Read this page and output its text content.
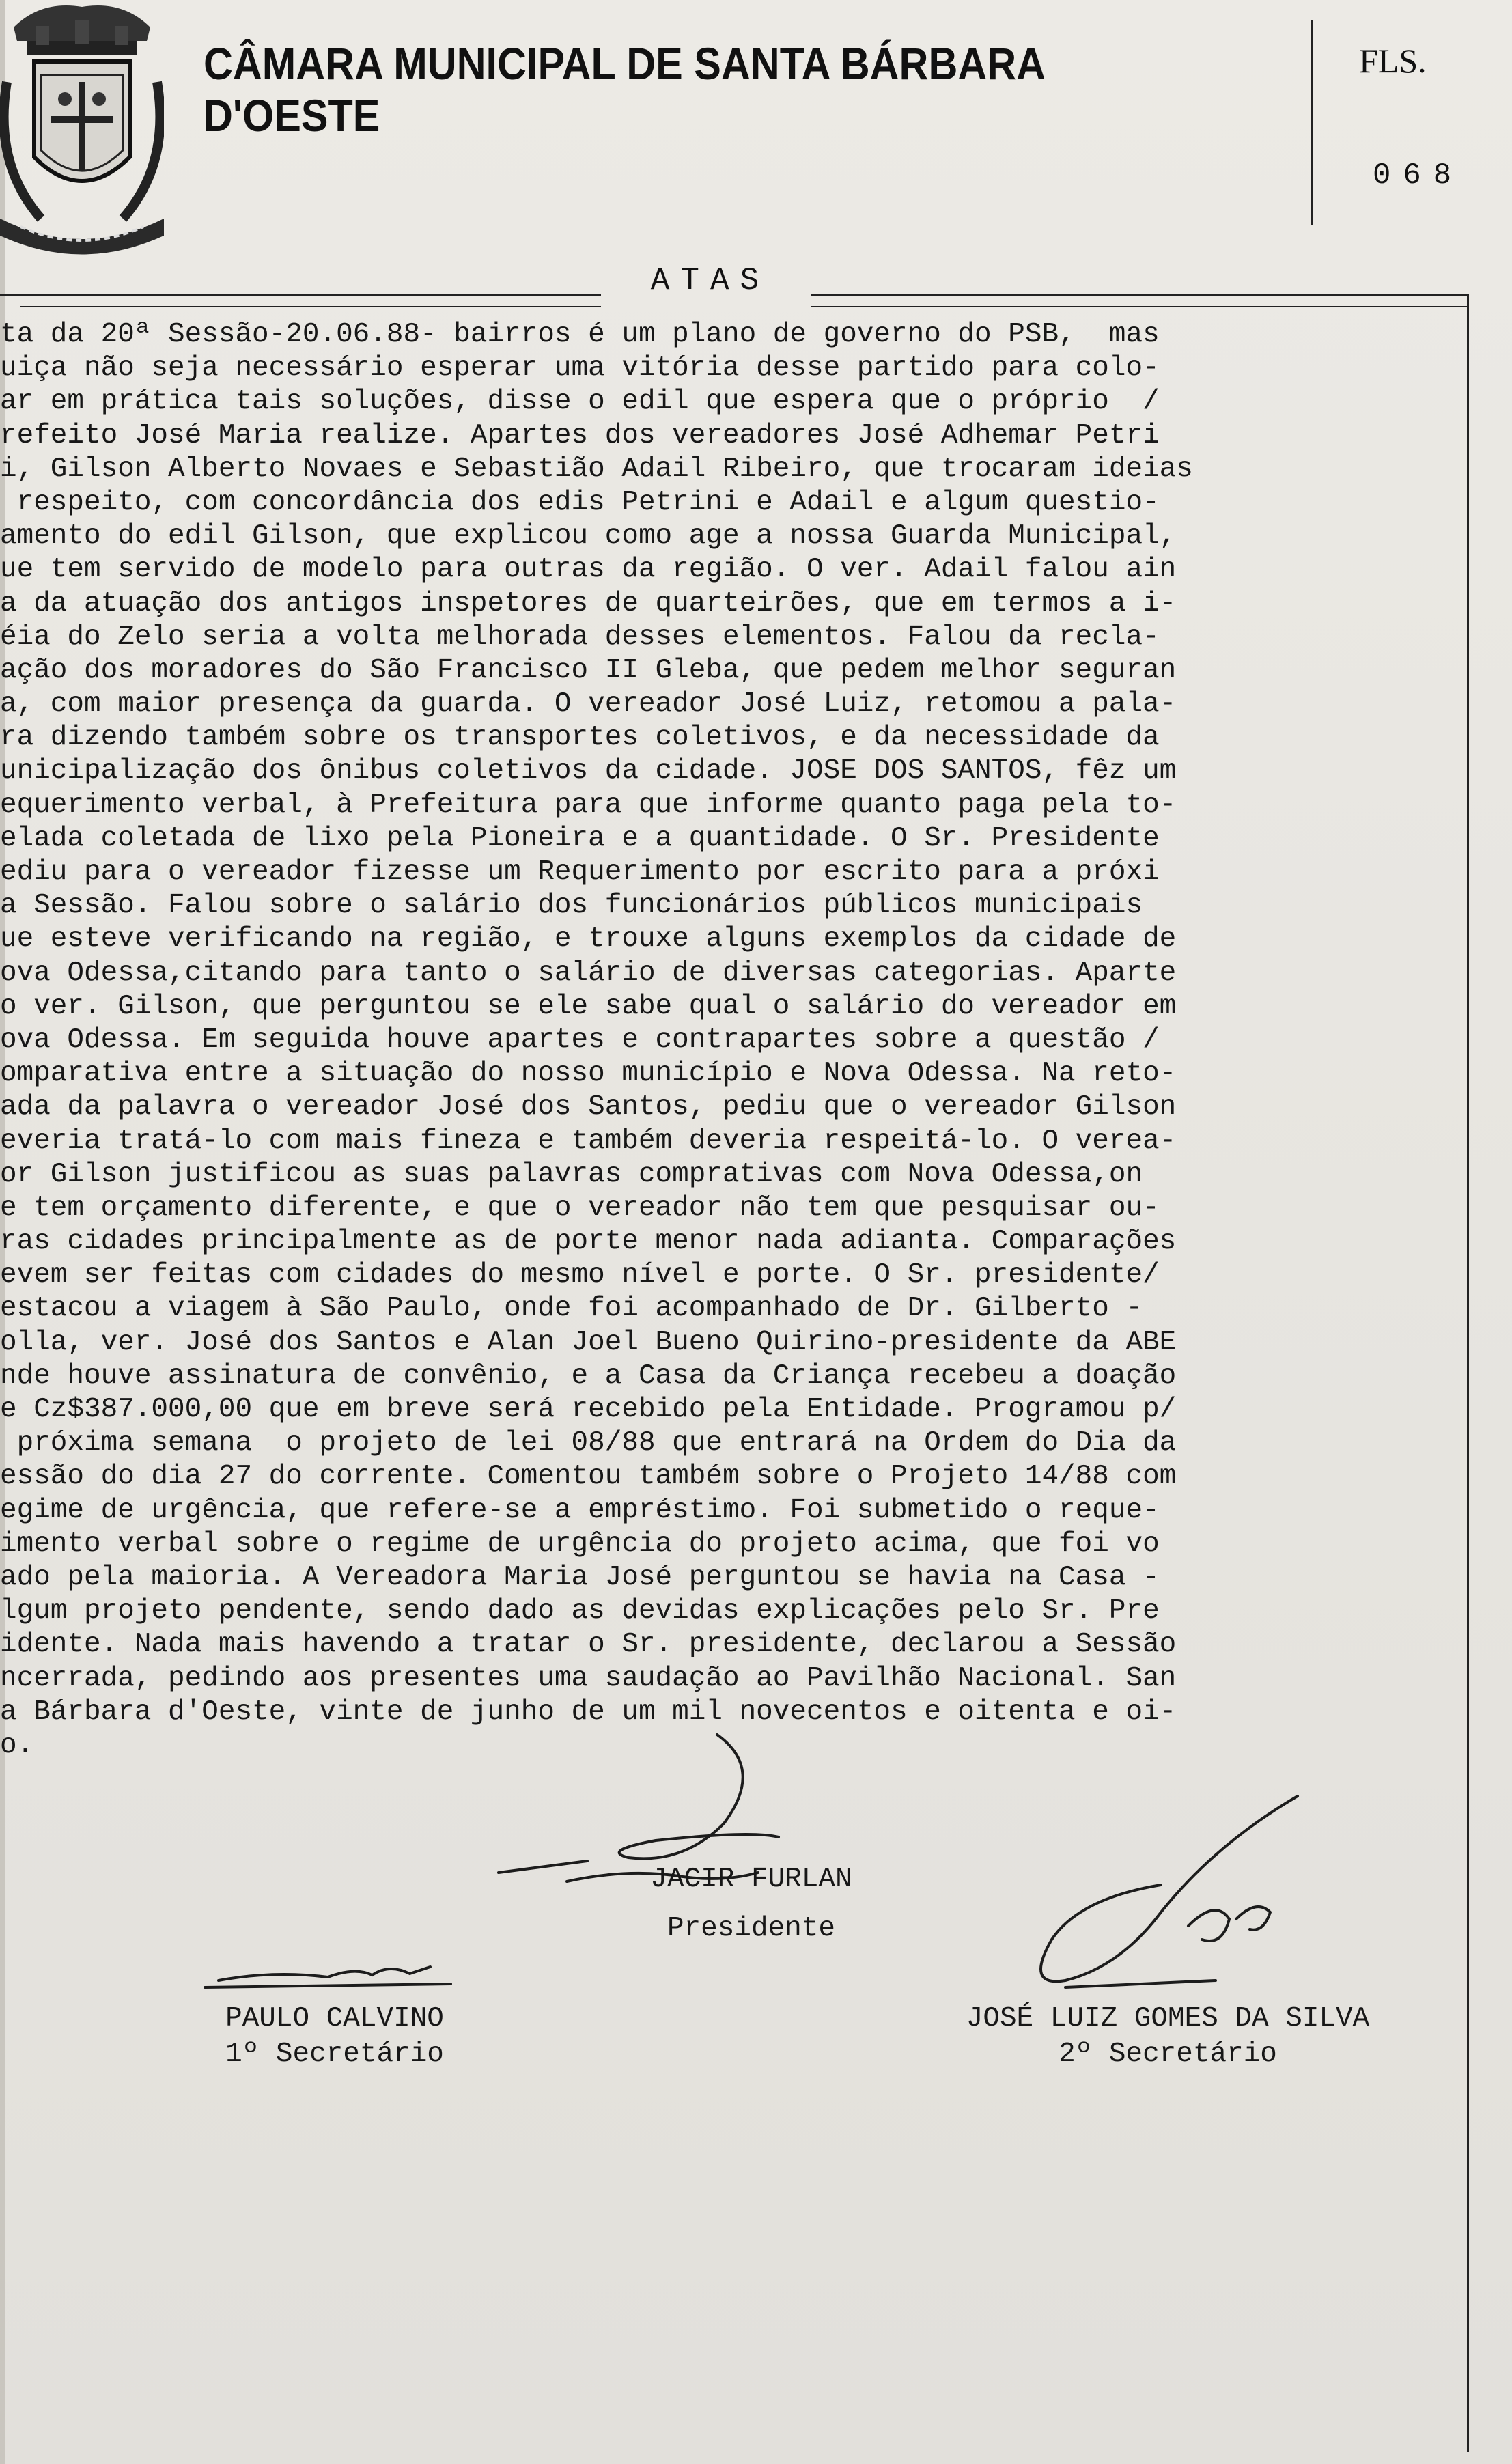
CÂMARA MUNICIPAL DE SANTA BÁRBARA D'OESTE
FLS.
068
ATAS
ta da 20ª Sessão-20.06.88- bairros é um plano de governo do PSB,  mas
uiça não seja necessário esperar uma vitória desse partido para colo-
ar em prática tais soluções, disse o edil que espera que o próprio  /
refeito José Maria realize. Apartes dos vereadores José Adhemar Petri
i, Gilson Alberto Novaes e Sebastião Adail Ribeiro, que trocaram ideias
respeito, com concordância dos edis Petrini e Adail e algum questio-
amento do edil Gilson, que explicou como age a nossa Guarda Municipal,
ue tem servido de modelo para outras da região. O ver. Adail falou ain
a da atuação dos antigos inspetores de quarteirões, que em termos a i-
éia do Zelo seria a volta melhorada desses elementos. Falou da recla-
ação dos moradores do São Francisco II Gleba, que pedem melhor seguran
a, com maior presença da guarda. O vereador José Luiz, retomou a pala-
ra dizendo também sobre os transportes coletivos, e da necessidade da
unicipalização dos ônibus coletivos da cidade. JOSE DOS SANTOS, fêz um
equerimento verbal, à Prefeitura para que informe quanto paga pela to-
elada coletada de lixo pela Pioneira e a quantidade. O Sr. Presidente
ediu para o vereador fizesse um Requerimento por escrito para a próxi
a Sessão. Falou sobre o salário dos funcionários públicos municipais
ue esteve verificando na região, e trouxe alguns exemplos da cidade de
ova Odessa,citando para tanto o salário de diversas categorias. Aparte
o ver. Gilson, que perguntou se ele sabe qual o salário do vereador em
ova Odessa. Em seguida houve apartes e contrapartes sobre a questão /
omparativa entre a situação do nosso município e Nova Odessa. Na reto-
ada da palavra o vereador José dos Santos, pediu que o vereador Gilson
everia tratá-lo com mais fineza e também deveria respeitá-lo. O verea-
or Gilson justificou as suas palavras comprativas com Nova Odessa,on
e tem orçamento diferente, e que o vereador não tem que pesquisar ou-
ras cidades principalmente as de porte menor nada adianta. Comparações
evem ser feitas com cidades do mesmo nível e porte. O Sr. presidente/
estacou a viagem à São Paulo, onde foi acompanhado de Dr. Gilberto -
olla, ver. José dos Santos e Alan Joel Bueno Quirino-presidente da ABE
nde houve assinatura de convênio, e a Casa da Criança recebeu a doação
e Cz$387.000,00 que em breve será recebido pela Entidade. Programou p/
próxima semana  o projeto de lei 08/88 que entrará na Ordem do Dia da
essão do dia 27 do corrente. Comentou também sobre o Projeto 14/88 com
egime de urgência, que refere-se a empréstimo. Foi submetido o reque-
imento verbal sobre o regime de urgência do projeto acima, que foi vo
ado pela maioria. A Vereadora Maria José perguntou se havia na Casa -
lgum projeto pendente, sendo dado as devidas explicações pelo Sr. Pre
idente. Nada mais havendo a tratar o Sr. presidente, declarou a Sessão
ncerrada, pedindo aos presentes uma saudação ao Pavilhão Nacional. San
a Bárbara d'Oeste, vinte de junho de um mil novecentos e oitenta e oi-
o.
JACIR FURLAN
Presidente
PAULO CALVINO
1º Secretário
JOSÉ LUIZ GOMES DA SILVA
2º Secretário
